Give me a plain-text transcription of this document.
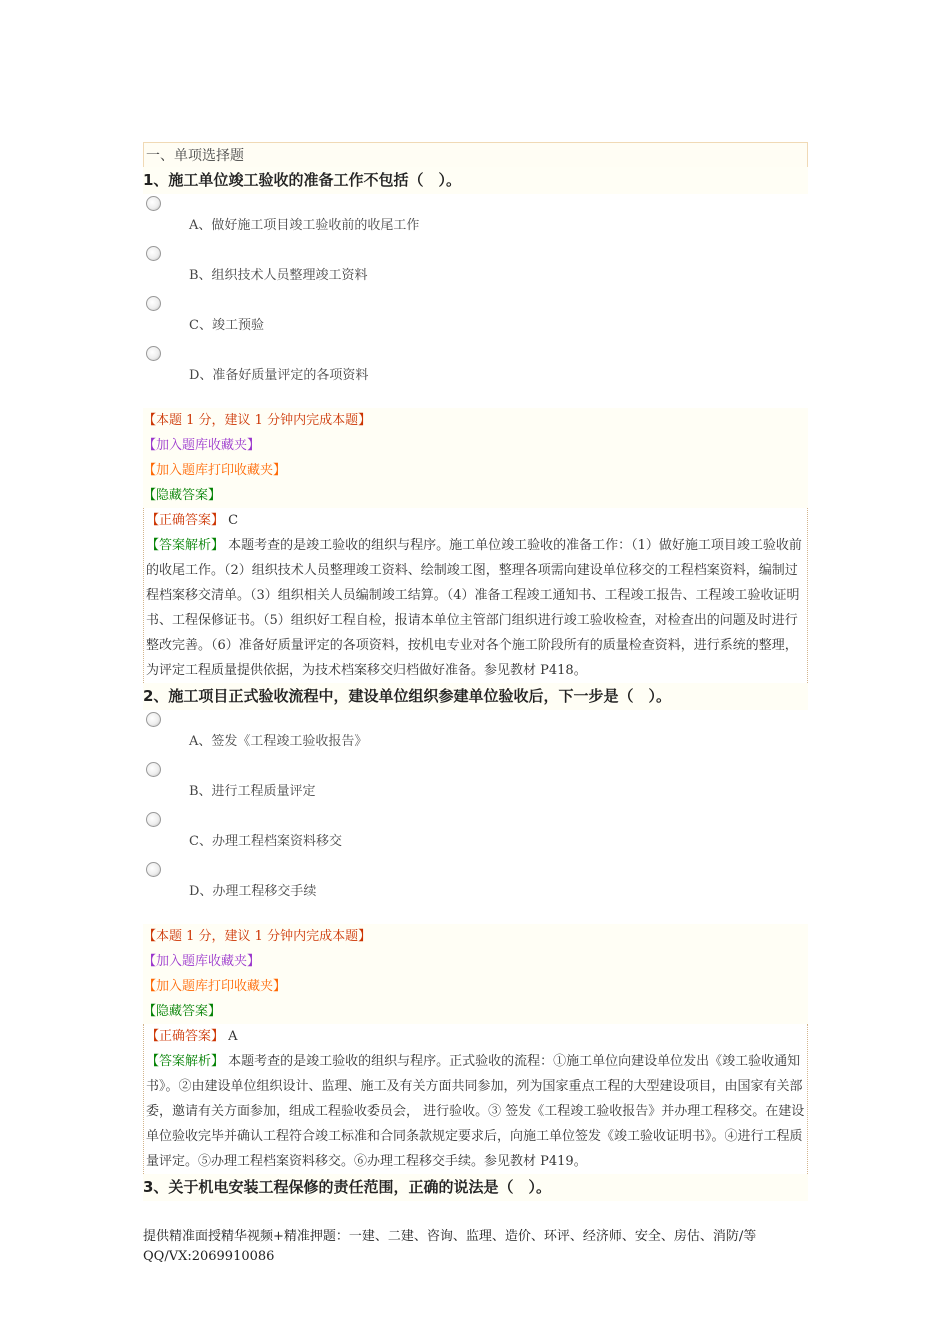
一、单项选择题
1、施工单位竣工验收的准备工作不包括（　）。
A、做好施工项目竣工验收前的收尾工作
B、组织技术人员整理竣工资料
C、竣工预验
D、准备好质量评定的各项资料
【本题 1 分，建议 1 分钟内完成本题】
【加入题库收藏夹】
【加入题库打印收藏夹】
【隐藏答案】
【正确答案】 C
【答案解析】 本题考查的是竣工验收的组织与程序。施工单位竣工验收的准备工作：（1）做好施工项目竣工验收前的收尾工作。（2）组织技术人员整理竣工资料、绘制竣工图，整理各项需向建设单位移交的工程档案资料，编制过程档案移交清单。（3）组织相关人员编制竣工结算。（4）准备工程竣工通知书、工程竣工报告、工程竣工验收证明书、工程保修证书。（5）组织好工程自检，报请本单位主管部门组织进行竣工验收检查，对检查出的问题及时进行整改完善。（6）准备好质量评定的各项资料，按机电专业对各个施工阶段所有的质量检查资料，进行系统的整理，为评定工程质量提供依据，为技术档案移交归档做好准备。参见教材 P418。
2、施工项目正式验收流程中，建设单位组织参建单位验收后，下一步是（　）。
A、签发《工程竣工验收报告》
B、进行工程质量评定
C、办理工程档案资料移交
D、办理工程移交手续
【本题 1 分，建议 1 分钟内完成本题】
【加入题库收藏夹】
【加入题库打印收藏夹】
【隐藏答案】
【正确答案】 A
【答案解析】 本题考查的是竣工验收的组织与程序。正式验收的流程：①施工单位向建设单位发出《竣工验收通知书》。②由建设单位组织设计、监理、施工及有关方面共同参加，列为国家重点工程的大型建设项目，由国家有关部委，邀请有关方面参加，组成工程验收委员会， 进行验收。③ 签发《工程竣工验收报告》并办理工程移交。在建设单位验收完毕并确认工程符合竣工标准和合同条款规定要求后，向施工单位签发《竣工验收证明书》。④进行工程质量评定。⑤办理工程档案资料移交。⑥办理工程移交手续。参见教材 P419。
3、关于机电安装工程保修的责任范围，正确的说法是（　）。
提供精准面授精华视频+精准押题：一建、二建、咨询、监理、造价、环评、经济师、安全、房估、消防/等　QQ/VX:2069910086
